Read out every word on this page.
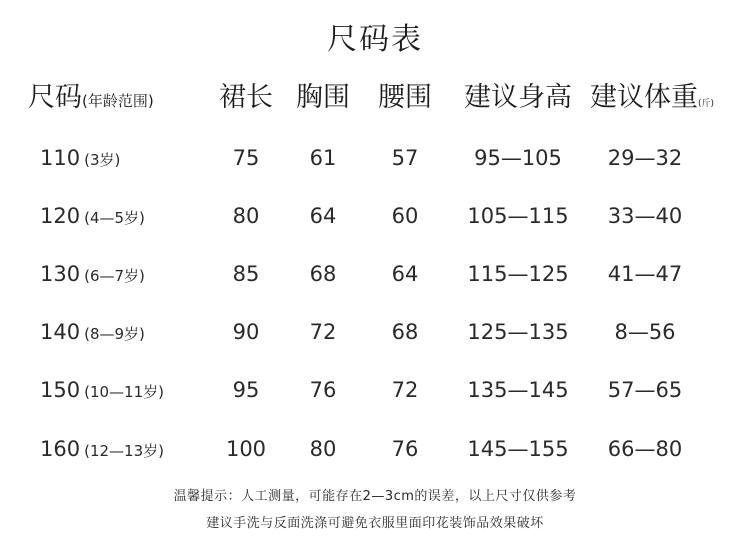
尺码表
尺码(年龄范围) 裙长 胸围 腰围 建议身高 建议体重(斤)
110 (3岁)	75 61	57	95—105 29—32
120 (4—5岁)	80 64	60 105—115 33—40
130 (6—7岁)	85 68	64 115—125 41—47
140 (8—9岁)	90 72	68 125—135 8—56
150 (10—11岁)	95 76	72 135—145 57—65
160 (12—13岁)	100 80	76 145—155 66—80
温馨提示：人工测量，可能存在2—3cm的误差，以上尺寸仅供参考
建议手洗与反面洗涤可避免衣服里面印花装饰品效果破坏
